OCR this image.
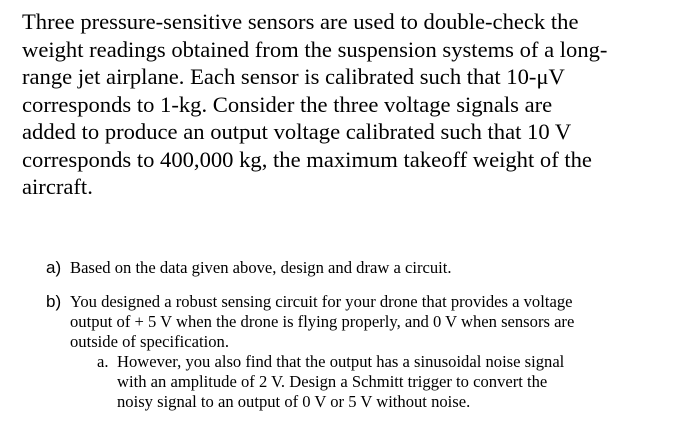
Three pressure-sensitive sensors are used to double-check the
weight readings obtained from the suspension systems of a long-
range jet airplane. Each sensor is calibrated such that 10-μV
corresponds to 1-kg. Consider the three voltage signals are
added to produce an output voltage calibrated such that 10 V
corresponds to 400,000 kg, the maximum takeoff weight of the
aircraft.
a) Based on the data given above, design and draw a circuit.
b) You designed a robust sensing circuit for your drone that provides a voltage
output of + 5 V when the drone is flying properly, and 0 V when sensors are
outside of specification.
a. However, you also find that the output has a sinusoidal noise signal
with an amplitude of 2 V. Design a Schmitt trigger to convert the
noisy signal to an output of 0 V or 5 V without noise.
